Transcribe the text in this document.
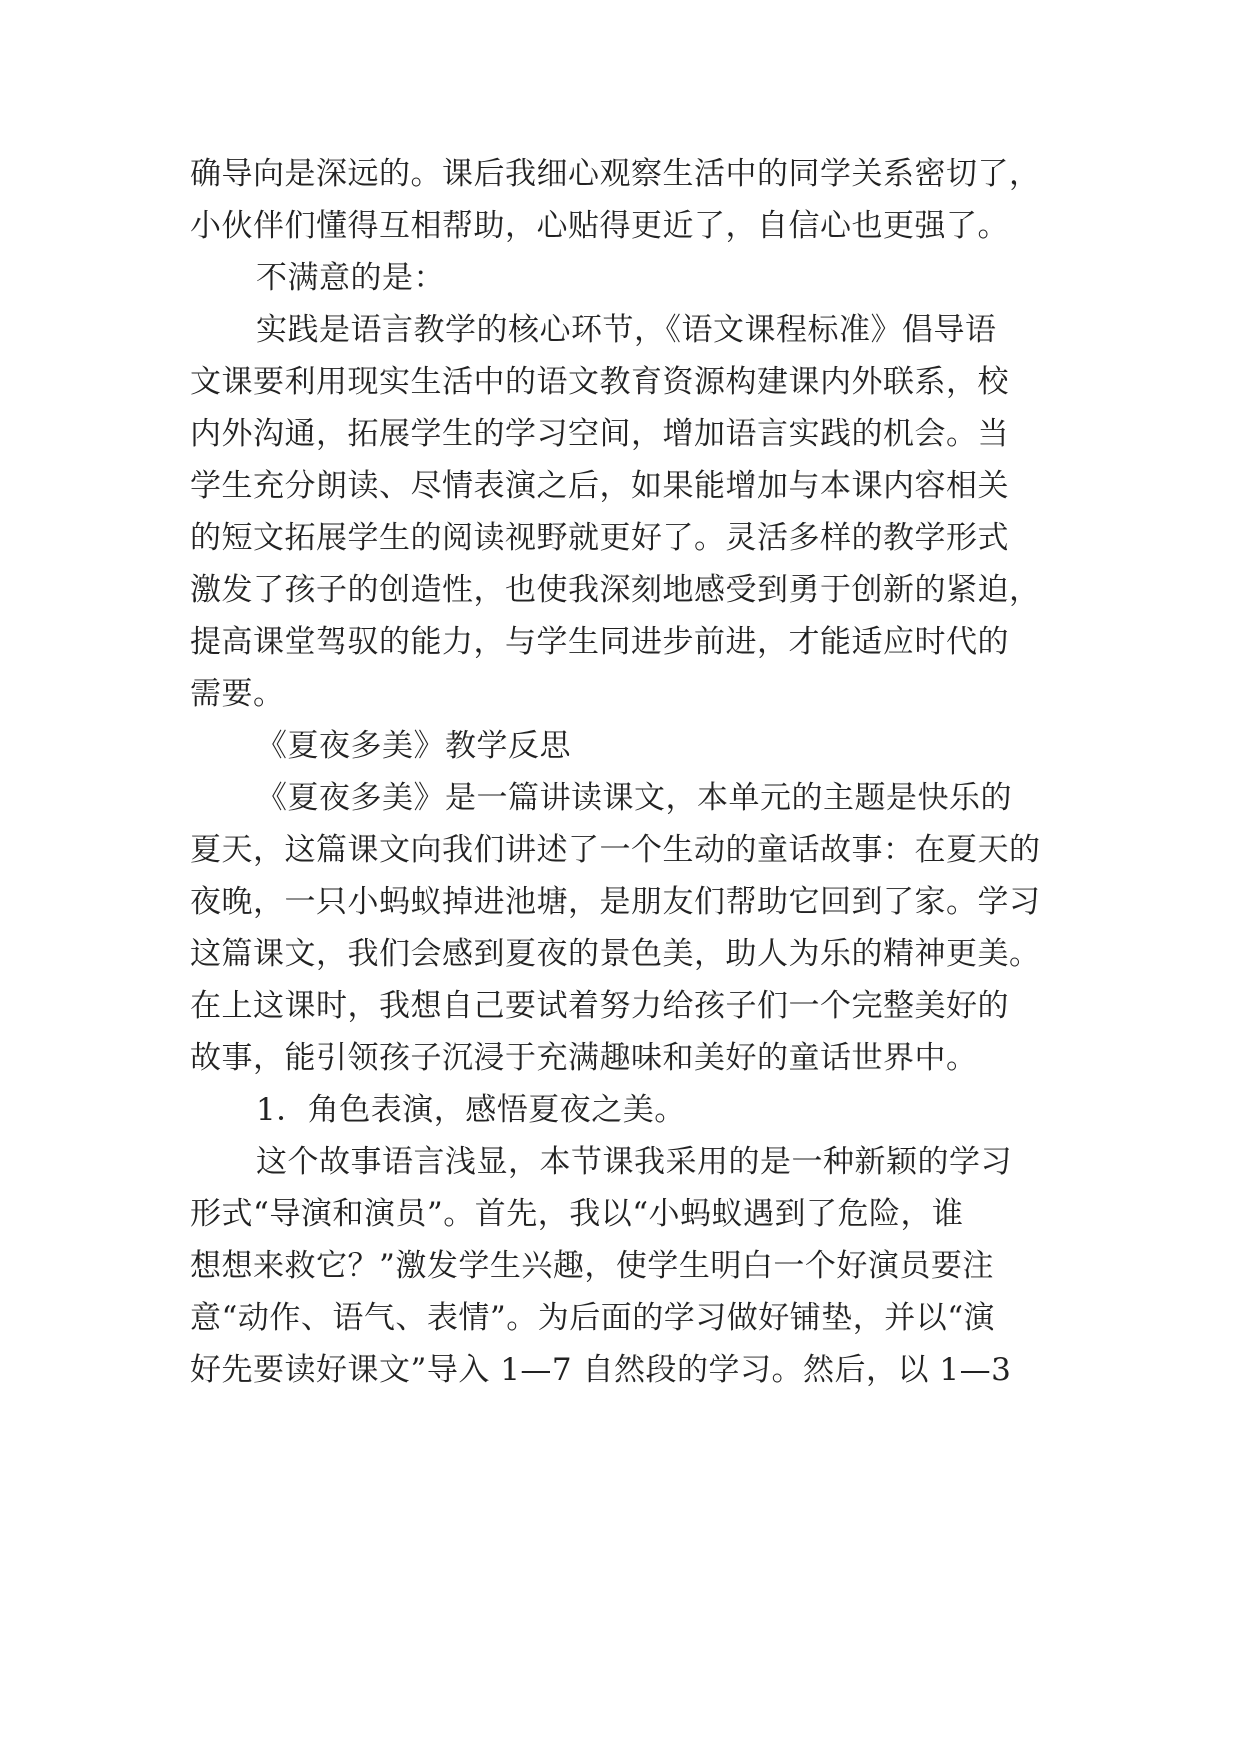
确导向是深远的。课后我细心观察生活中的同学关系密切了，
小伙伴们懂得互相帮助，心贴得更近了，自信心也更强了。
不满意的是：
实践是语言教学的核心环节，《语文课程标准》倡导语
文课要利用现实生活中的语文教育资源构建课内外联系，校
内外沟通，拓展学生的学习空间，增加语言实践的机会。当
学生充分朗读、尽情表演之后，如果能增加与本课内容相关
的短文拓展学生的阅读视野就更好了。灵活多样的教学形式
激发了孩子的创造性，也使我深刻地感受到勇于创新的紧迫，
提高课堂驾驭的能力，与学生同进步前进，才能适应时代的
需要。
《夏夜多美》教学反思
《夏夜多美》是一篇讲读课文，本单元的主题是快乐的
夏天，这篇课文向我们讲述了一个生动的童话故事：在夏天的
夜晚，一只小蚂蚁掉进池塘，是朋友们帮助它回到了家。学习
这篇课文，我们会感到夏夜的景色美，助人为乐的精神更美。
在上这课时，我想自己要试着努力给孩子们一个完整美好的
故事，能引领孩子沉浸于充满趣味和美好的童话世界中。
1．角色表演，感悟夏夜之美。
这个故事语言浅显，本节课我采用的是一种新颖的学习
形式“导演和演员”。首先，我以“小蚂蚁遇到了危险，谁
想想来救它？”激发学生兴趣，使学生明白一个好演员要注
意“动作、语气、表情”。为后面的学习做好铺垫，并以“演
好先要读好课文”导入 1—7 自然段的学习。然后，以 1—3
